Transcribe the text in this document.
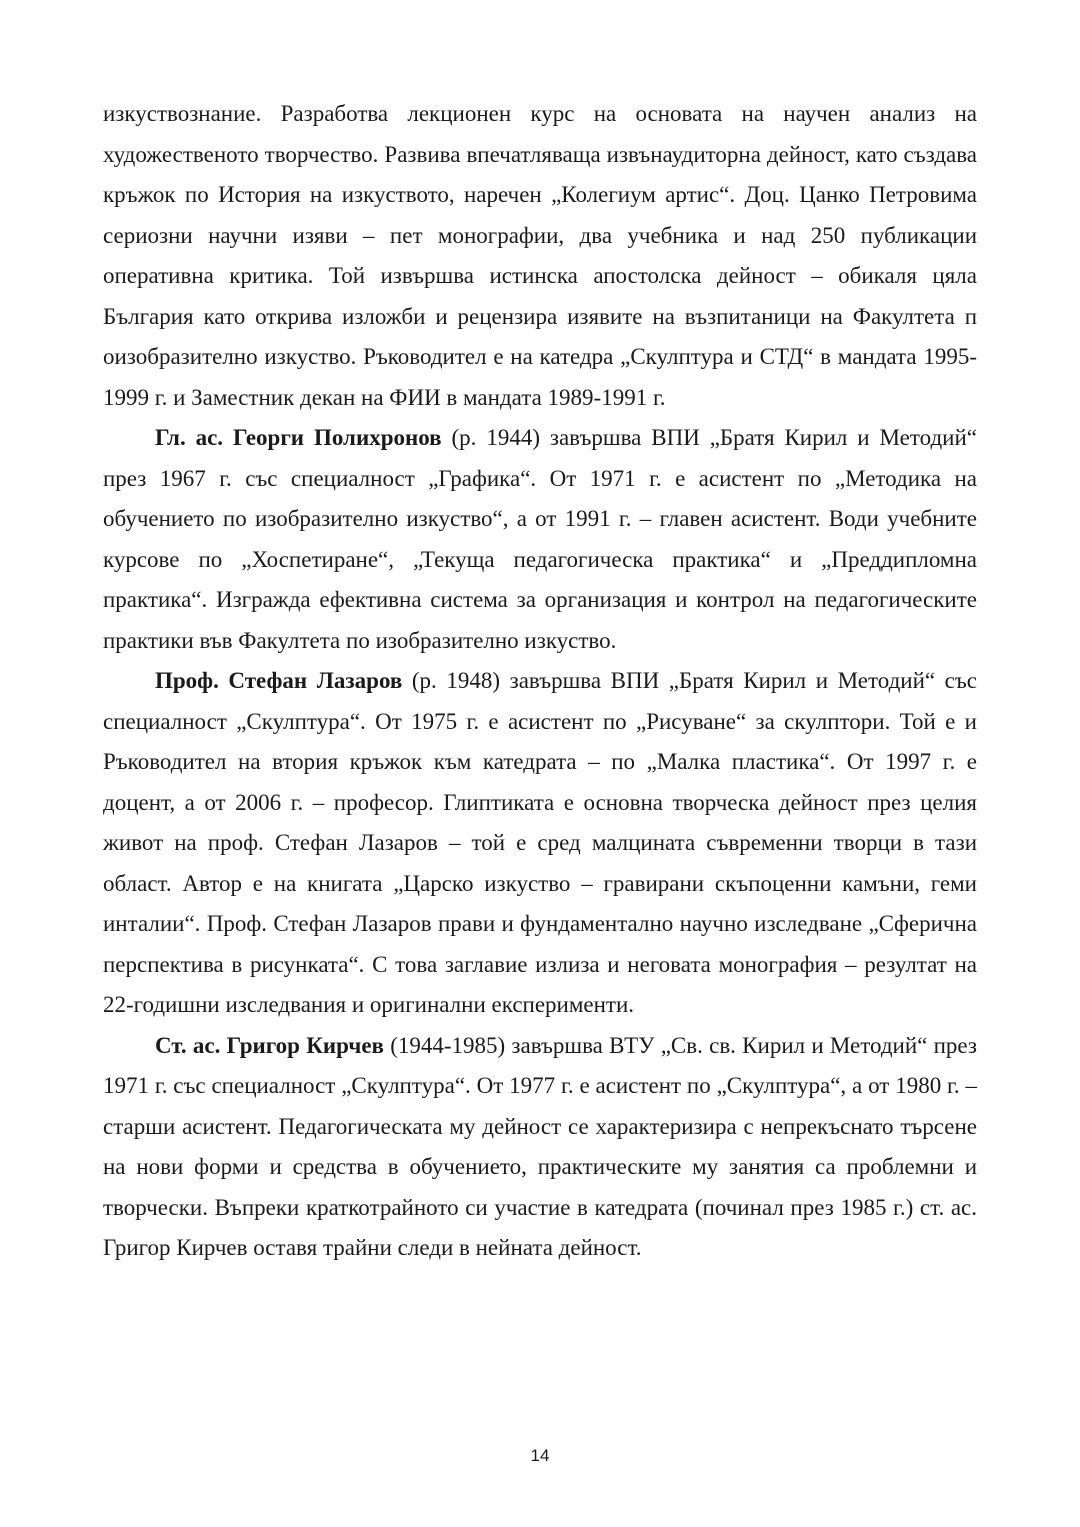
изкуствознание. Разработва лекционен курс на основата на научен анализ на художественото творчество. Развива впечатляваща извънаудиторна дейност, като създава кръжок по История на изкуството, наречен „Колегиум артис“. Доц. Цанко Петровима сериозни научни изяви – пет монографии, два учебника и над 250 публикации оперативна критика. Той извършва истинска апостолска дейност – обикаля цяла България като открива изложби и рецензира изявите на възпитаници на Факултета п оизобразително изкуство. Ръководител е на катедра „Скулптура и СТД“ в мандата 1995-1999 г. и Заместник декан на ФИИ в мандата 1989-1991 г.

Гл. ас. Георги Полихронов (р. 1944) завършва ВПИ „Братя Кирил и Методий“ през 1967 г. със специалност „Графика“. От 1971 г. е асистент по „Методика на обучението по изобразително изкуство“, а от 1991 г. – главен асистент. Води учебните курсове по „Хоспетиране“, „Текуща педагогическа практика“ и „Преддипломна практика“. Изгражда ефективна система за организация и контрол на педагогическите практики във Факултета по изобразително изкуство.

Проф. Стефан Лазаров (р. 1948) завършва ВПИ „Братя Кирил и Методий“ със специалност „Скулптура“. От 1975 г. е асистент по „Рисуване“ за скулптори. Той е и Ръководител на втория кръжок към катедрата – по „Малка пластика“. От 1997 г. е доцент, а от 2006 г. – професор. Глиптиката е основна творческа дейност през целия живот на проф. Стефан Лазаров – той е сред малцината съвременни творци в тази област. Автор е на книгата „Царско изкуство – гравирани скъпоценни камъни, геми инталии“. Проф. Стефан Лазаров прави и фундаментално научно изследване „Сферична перспектива в рисунката“. С това заглавие излиза и неговата монография – резултат на 22-годишни изследвания и оригинални експерименти.

Ст. ас. Григор Кирчев (1944-1985) завършва ВТУ „Св. св. Кирил и Методий“ през 1971 г. със специалност „Скулптура“. От 1977 г. е асистент по „Скулптура“, а от 1980 г. – старши асистент. Педагогическата му дейност се характеризира с непрекъснато търсене на нови форми и средства в обучението, практическите му занятия са проблемни и творчески. Въпреки краткотрайното си участие в катедрата (починал през 1985 г.) ст. ас. Григор Кирчев оставя трайни следи в нейната дейност.

14
